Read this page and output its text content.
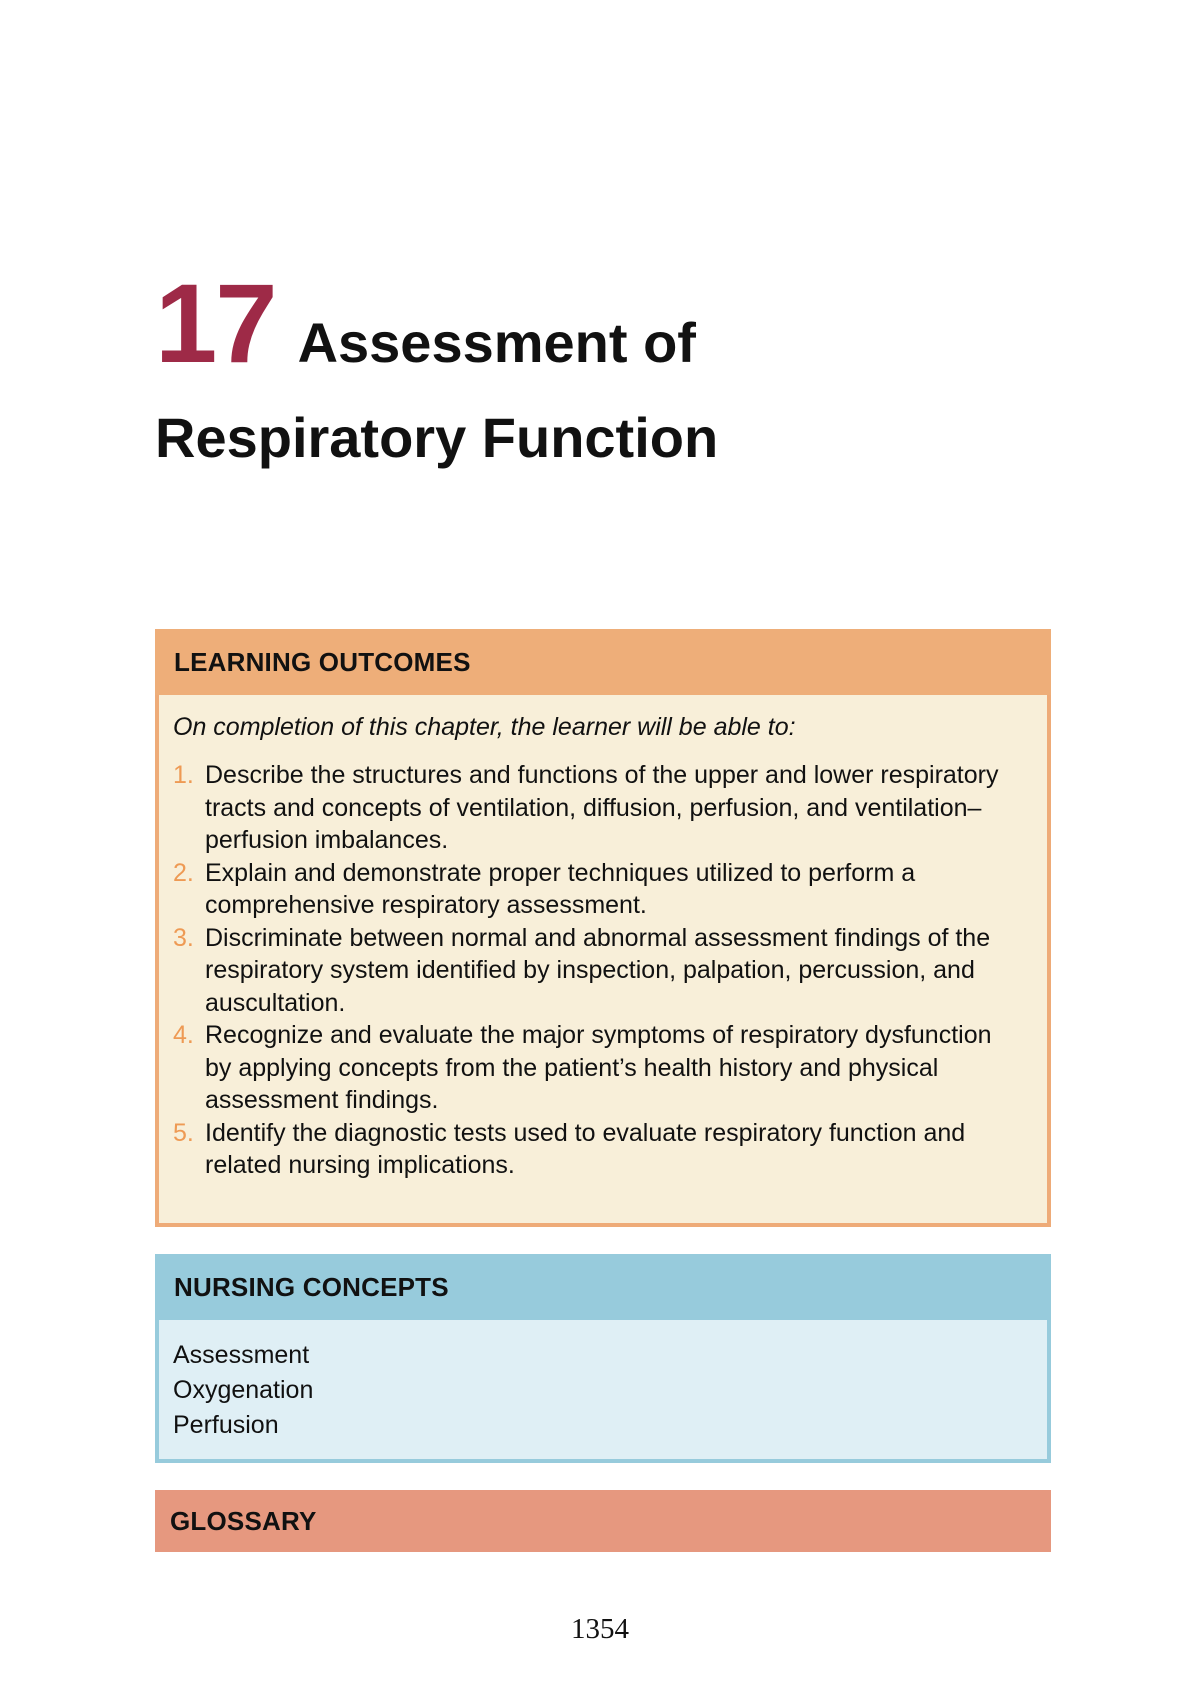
17 Assessment of
Respiratory Function
LEARNING OUTCOMES

On completion of this chapter, the learner will be able to:

1. Describe the structures and functions of the upper and lower respiratory tracts and concepts of ventilation, diffusion, perfusion, and ventilation–perfusion imbalances.
2. Explain and demonstrate proper techniques utilized to perform a comprehensive respiratory assessment.
3. Discriminate between normal and abnormal assessment findings of the respiratory system identified by inspection, palpation, percussion, and auscultation.
4. Recognize and evaluate the major symptoms of respiratory dysfunction by applying concepts from the patient’s health history and physical assessment findings.
5. Identify the diagnostic tests used to evaluate respiratory function and related nursing implications.
NURSING CONCEPTS
Assessment
Oxygenation
Perfusion
GLOSSARY
1354
